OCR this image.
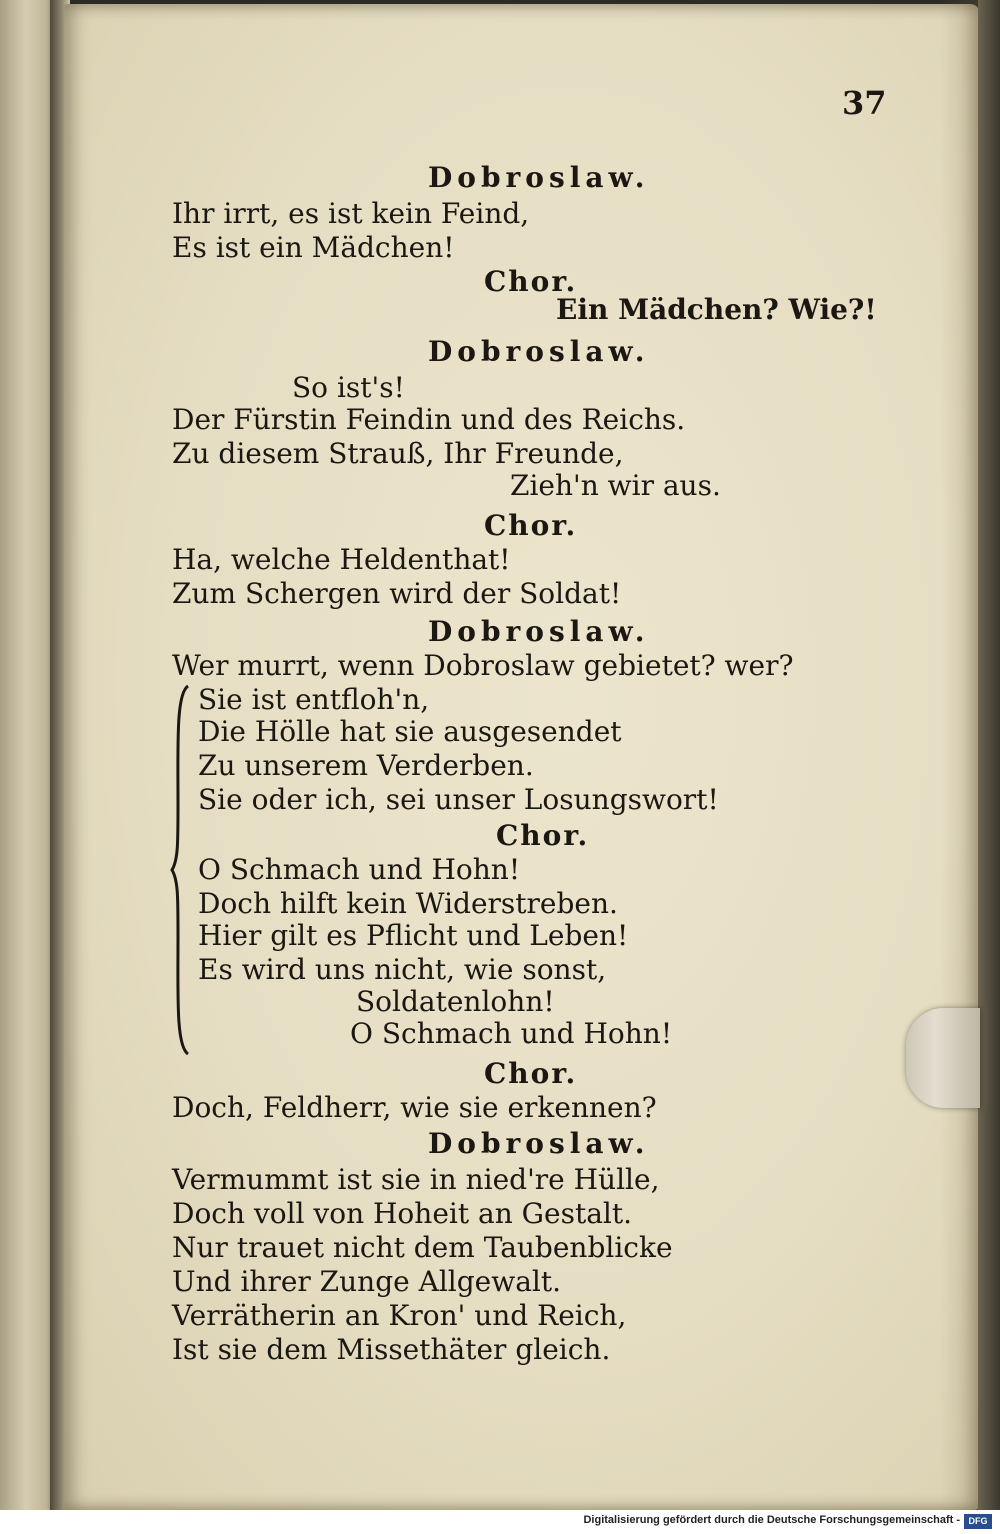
37
Dobroslaw.
Ihr irrt, es ist kein Feind,
Es ist ein Mädchen!
Chor.
Ein Mädchen? Wie?!
Dobroslaw.
So ist's!
Der Fürstin Feindin und des Reichs.
Zu diesem Strauß, Ihr Freunde,
Zieh'n wir aus.
Chor.
Ha, welche Heldenthat!
Zum Schergen wird der Soldat!
Dobroslaw.
Wer murrt, wenn Dobroslaw gebietet? wer?
Sie ist entfloh'n,
Die Hölle hat sie ausgesendet
Zu unserem Verderben.
Sie oder ich, sei unser Losungswort!
Chor.
O Schmach und Hohn!
Doch hilft kein Widerstreben.
Hier gilt es Pflicht und Leben!
Es wird uns nicht, wie sonst,
Soldatenlohn!
O Schmach und Hohn!
Chor.
Doch, Feldherr, wie sie erkennen?
Dobroslaw.
Vermummt ist sie in nied're Hülle,
Doch voll von Hoheit an Gestalt.
Nur trauet nicht dem Taubenblicke
Und ihrer Zunge Allgewalt.
Verrätherin an Kron' und Reich,
Ist sie dem Missethäter gleich.
Digitalisierung gefördert durch die Deutsche Forschungsgemeinschaft - DFG
